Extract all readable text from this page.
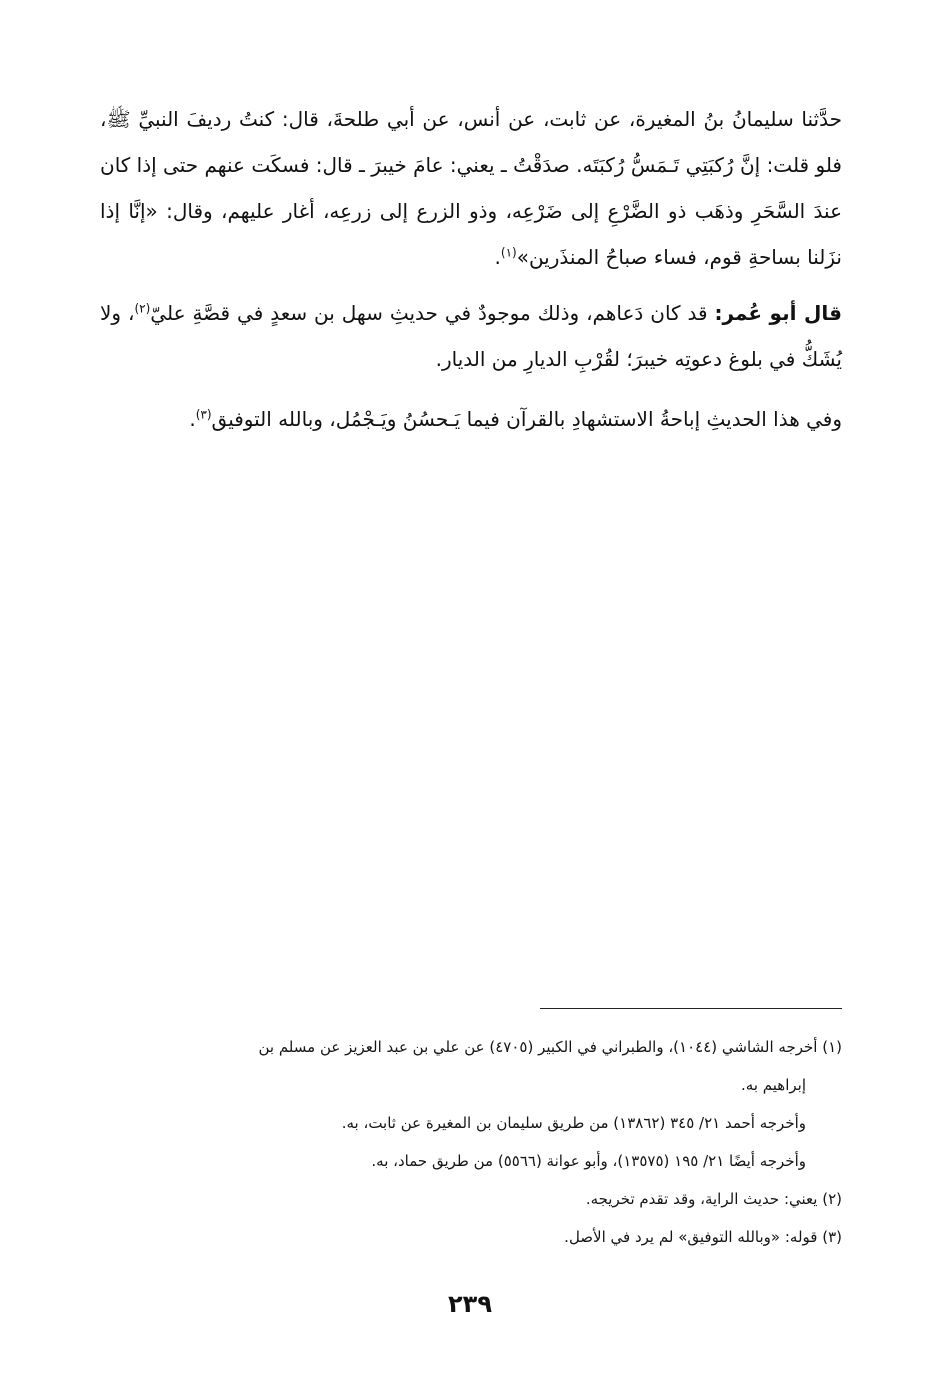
حدَّثنا سليمانُ بنُ المغيرة، عن ثابت، عن أنس، عن أبي طلحةَ، قال: كنتُ رديفَ النبيِّ ﷺ، فلو قلت: إنَّ رُكبَتِي تَـمَسُّ رُكبَتَه. صدَقْتُ ـ يعني: عامَ خيبرَ ـ قال: فسكَت عنهم حتى إذا كان عندَ السَّحَرِ وذهَب ذو الضَّرْعِ إلى ضَرْعِه، وذو الزرع إلى زرعِه، أغار عليهم، وقال: «إنَّا إذا نزَلنا بساحةِ قوم، فساء صباحُ المنذَرين»$^{(١)}$.

قال أبو عُمر: قد كان دَعاهم، وذلك موجودٌ في حديثِ سهل بن سعدٍ في قصَّةِ عليّ$^{(٢)}$، ولا يُشَكُّ في بلوغ دعوتِه خيبرَ؛ لقُرْبِ الديارِ من الديار.

وفي هذا الحديثِ إباحةُ الاستشهادِ بالقرآن فيما يَـحسُنُ ويَـجْمُل، وبالله التوفيق$^{(٣)}$.

(١) أخرجه الشاشي (١٠٤٤)، والطبراني في الكبير (٤٧٠٥) عن علي بن عبد العزيز عن مسلم بن

إبراهيم به.

وأخرجه أحمد ٢١/ ٣٤٥ (١٣٨٦٢) من طريق سليمان بن المغيرة عن ثابت، به.

وأخرجه أيضًا ٢١/ ١٩٥ (١٣٥٧٥)، وأبو عوانة (٥٥٦٦) من طريق حماد، به.

(٢) يعني: حديث الراية، وقد تقدم تخريجه.

(٣) قوله: «وبالله التوفيق» لم يرد في الأصل.

٢٣٩
